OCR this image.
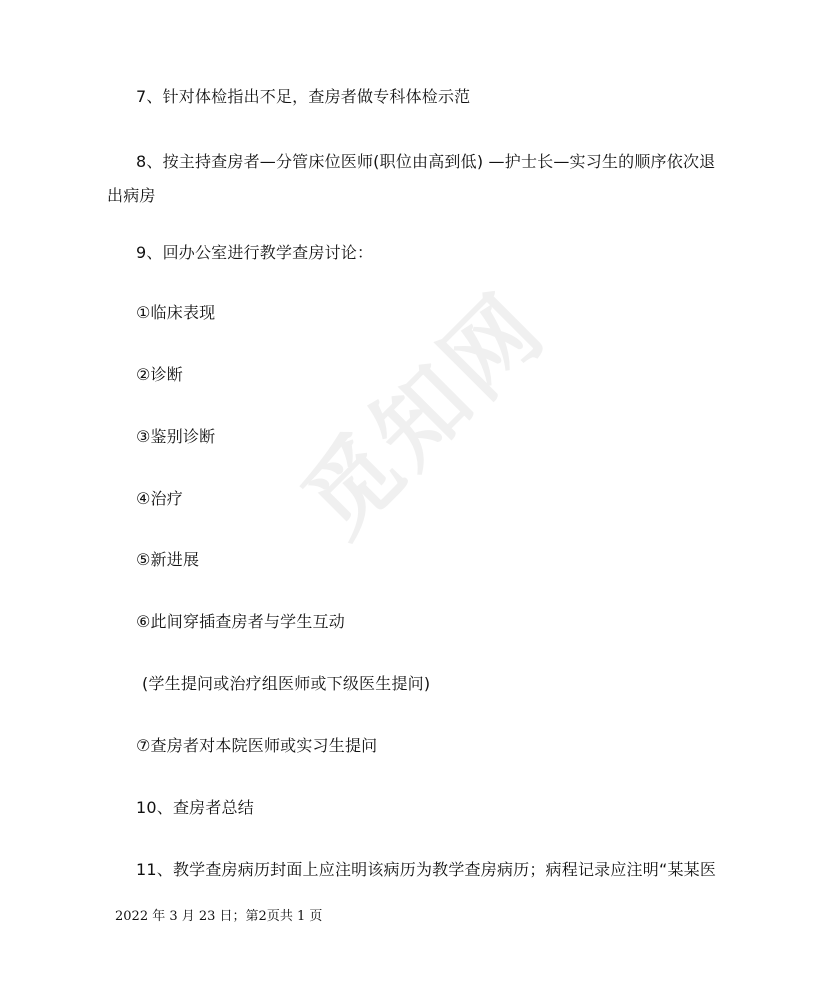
觅知网
7、针对体检指出不足，查房者做专科体检示范
8、按主持查房者—分管床位医师(职位由高到低) —护士长—实习生的顺序依次退
出病房
9、回办公室进行教学查房讨论：
①临床表现
②诊断
③鉴别诊断
④治疗
⑤新进展
⑥此间穿插查房者与学生互动
(学生提问或治疗组医师或下级医生提问)
⑦查房者对本院医师或实习生提问
10、查房者总结
11、教学查房病历封面上应注明该病历为教学查房病历；病程记录应注明“某某医
2022 年 3 月 23 日；第2页共 1 页
